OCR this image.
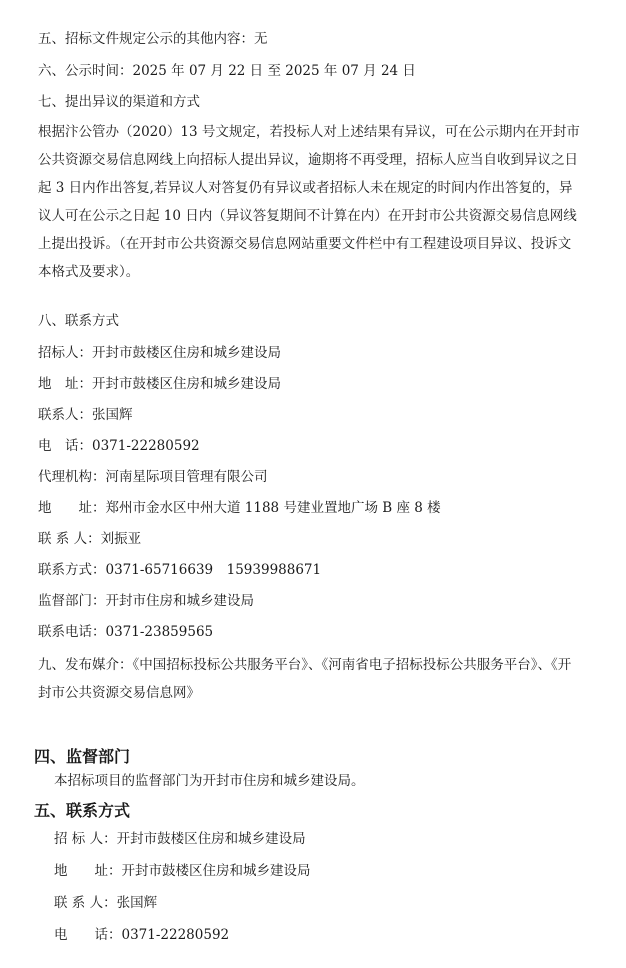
五、招标文件规定公示的其他内容：无
六、公示时间：2025 年 07 月 22 日 至 2025 年 07 月 24 日
七、提出异议的渠道和方式
根据汴公管办（2020）13 号文规定，若投标人对上述结果有异议，可在公示期内在开封市
公共资源交易信息网线上向招标人提出异议，逾期将不再受理，招标人应当自收到异议之日
起 3 日内作出答复,若异议人对答复仍有异议或者招标人未在规定的时间内作出答复的，异
议人可在公示之日起 10 日内（异议答复期间不计算在内）在开封市公共资源交易信息网线
上提出投诉。（在开封市公共资源交易信息网站重要文件栏中有工程建设项目异议、投诉文
本格式及要求）。
八、联系方式
招标人：开封市鼓楼区住房和城乡建设局
地　址：开封市鼓楼区住房和城乡建设局
联系人：张国辉
电　话：0371-22280592
代理机构：河南星际项目管理有限公司
地　　址：郑州市金水区中州大道 1188 号建业置地广场 B 座 8 楼
联 系 人：刘振亚
联系方式：0371-65716639　15939988671
监督部门：开封市住房和城乡建设局
联系电话：0371-23859565
九、发布媒介：《中国招标投标公共服务平台》、《河南省电子招标投标公共服务平台》、《开
封市公共资源交易信息网》
四、监督部门
本招标项目的监督部门为开封市住房和城乡建设局。
五、联系方式
招 标 人：开封市鼓楼区住房和城乡建设局
地　　址：开封市鼓楼区住房和城乡建设局
联 系 人：张国辉
电　　话：0371-22280592
